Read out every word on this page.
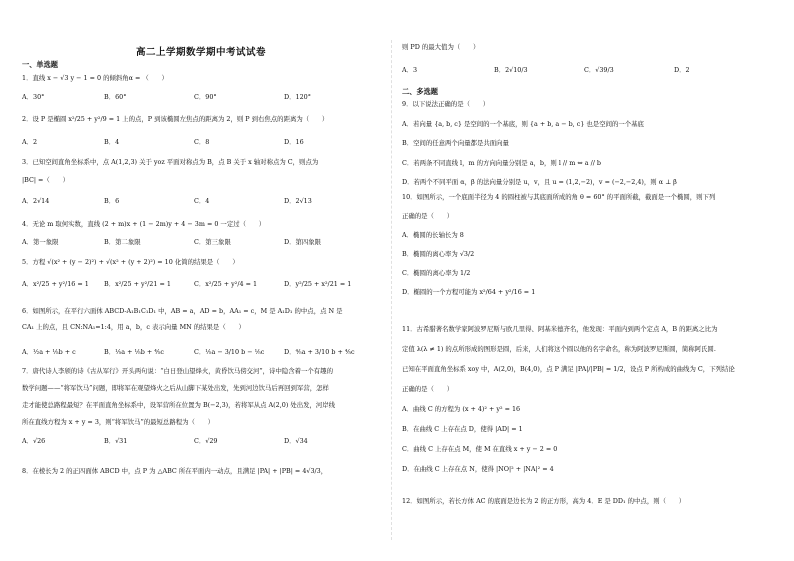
高二上学期数学期中考试试卷
一、单选题
1．直线 x − √3 y − 1 = 0 的倾斜角α = （　　）
A．30°	B．60°	C．90°	D．120°
2．设 P 是椭圆 x²/25 + y²/9 = 1 上的点，P 到该椭圆左焦点的距离为 2，则 P 到右焦点的距离为（　　）
A．2	B．4	C．8	D．16
3．已知空间直角坐标系中，点 A(1,2,3) 关于 yoz 平面对称点为 B，点 B 关于 x 轴对称点为 C，则点为
|BC| =（　　）
A．2√14	B．6	C．4	D．2√13
4．无论 m 取何实数，直线 (2 + m)x + (1 − 2m)y + 4 − 3m = 0 一定过（　　）
A．第一象限	B．第二象限	C．第三象限	D．第四象限
5．方程 √(x² + (y − 2)²) + √(x² + (y + 2)²) = 10 化简的结果是（　　）
A．x²/25 + y²/16 = 1 B．x²/25 + y²/21 = 1	C．x²/25 + y²/4 = 1	D．y²/25 + x²/21 = 1
6．如图所示，在平行六面体 ABCD-A₁B₁C₁D₁ 中，AB = a，AD = b，AA₁ = c，M 是 A₁D₁ 的中点，点 N 是
CA₁ 上的点，且 CN:NA₁=1:4，用 a，b，c 表示向量 MN 的结果是（　　）
A．½a + ⅕b + c	B．⅕a + ⅕b + ⅘c	C．⅕a − 3/10 b − ⅕c	D．⅘a + 3/10 b + ⅘c
7．唐代诗人李颀的诗《古从军行》开头两句说：“白日登山望烽火，黄昏饮马傍交河”，诗中隐含着一个有趣的
数学问题——“将军饮马”问题，即将军在观望烽火之后从山脚下某处出发，先到河边饮马后再回到军营，怎样
走才能使总路程最短？在平面直角坐标系中，设军营所在位置为 B(−2,3)，若将军从点 A(2,0) 处出发，河岸线
所在直线方程为 x + y = 3，则“将军饮马”的最短总路程为（　　）
A．√26	B．√31	C．√29	D．√34
8．在棱长为 2 的正四面体 ABCD 中，点 P 为 △ABC 所在平面内一动点，且满足 |PA| + |PB| = 4√3/3，
二、多选题
则 PD 的最大值为（　　）
A．3	B．2√10/3	C．√39/3	D．2
9．以下说法正确的是（　　）
A．若向量 {a, b, c} 是空间的一个基底，则 {a + b, a − b, c} 也是空间的一个基底
B．空间的任意两个向量都是共面向量
C．若两条不同直线 l，m 的方向向量分别是 a，b，则 l // m ⇔ a // b
D．若两个不同平面 α，β 的法向量分别是 u，v，且 u = (1,2,−2)，v = (−2,−2,4)，则 α ⊥ β
10．如图所示，一个底面半径为 4 的圆柱被与其底面所成的角 θ = 60° 的平面所截，截面是一个椭圆，则下列
正确的是（　　）
A．椭圆的长轴长为 8
B．椭圆的离心率为 √3/2
C．椭圆的离心率为 1/2
D．椭圆的一个方程可能为 x²/64 + y²/16 = 1
11．古希腊著名数学家阿波罗尼斯与欧几里得、阿基米德齐名，他发现：平面内到两个定点 A，B 的距离之比为
定值 λ(λ ≠ 1) 的点所形成的图形是圆，后来，人们将这个圆以他的名字命名，称为阿波罗尼斯圆，简称阿氏圆.
已知在平面直角坐标系 xoy 中，A(2,0)，B(4,0)，点 P 满足 |PA|/|PB| = 1/2，设点 P 所构成的曲线为 C，下列结论
正确的是（　　）
A．曲线 C 的方程为 (x + 4)² + y² = 16
B．在曲线 C 上存在点 D，使得 |AD| = 1
C．曲线 C 上存在点 M，使 M 在直线 x + y − 2 = 0
D．在曲线 C 上存在点 N，使得 |NO|² + |NA|² = 4
12．如图所示，若长方体 AC 的底面是边长为 2 的正方形，高为 4．E 是 DD₁ 的中点，则（　　）
